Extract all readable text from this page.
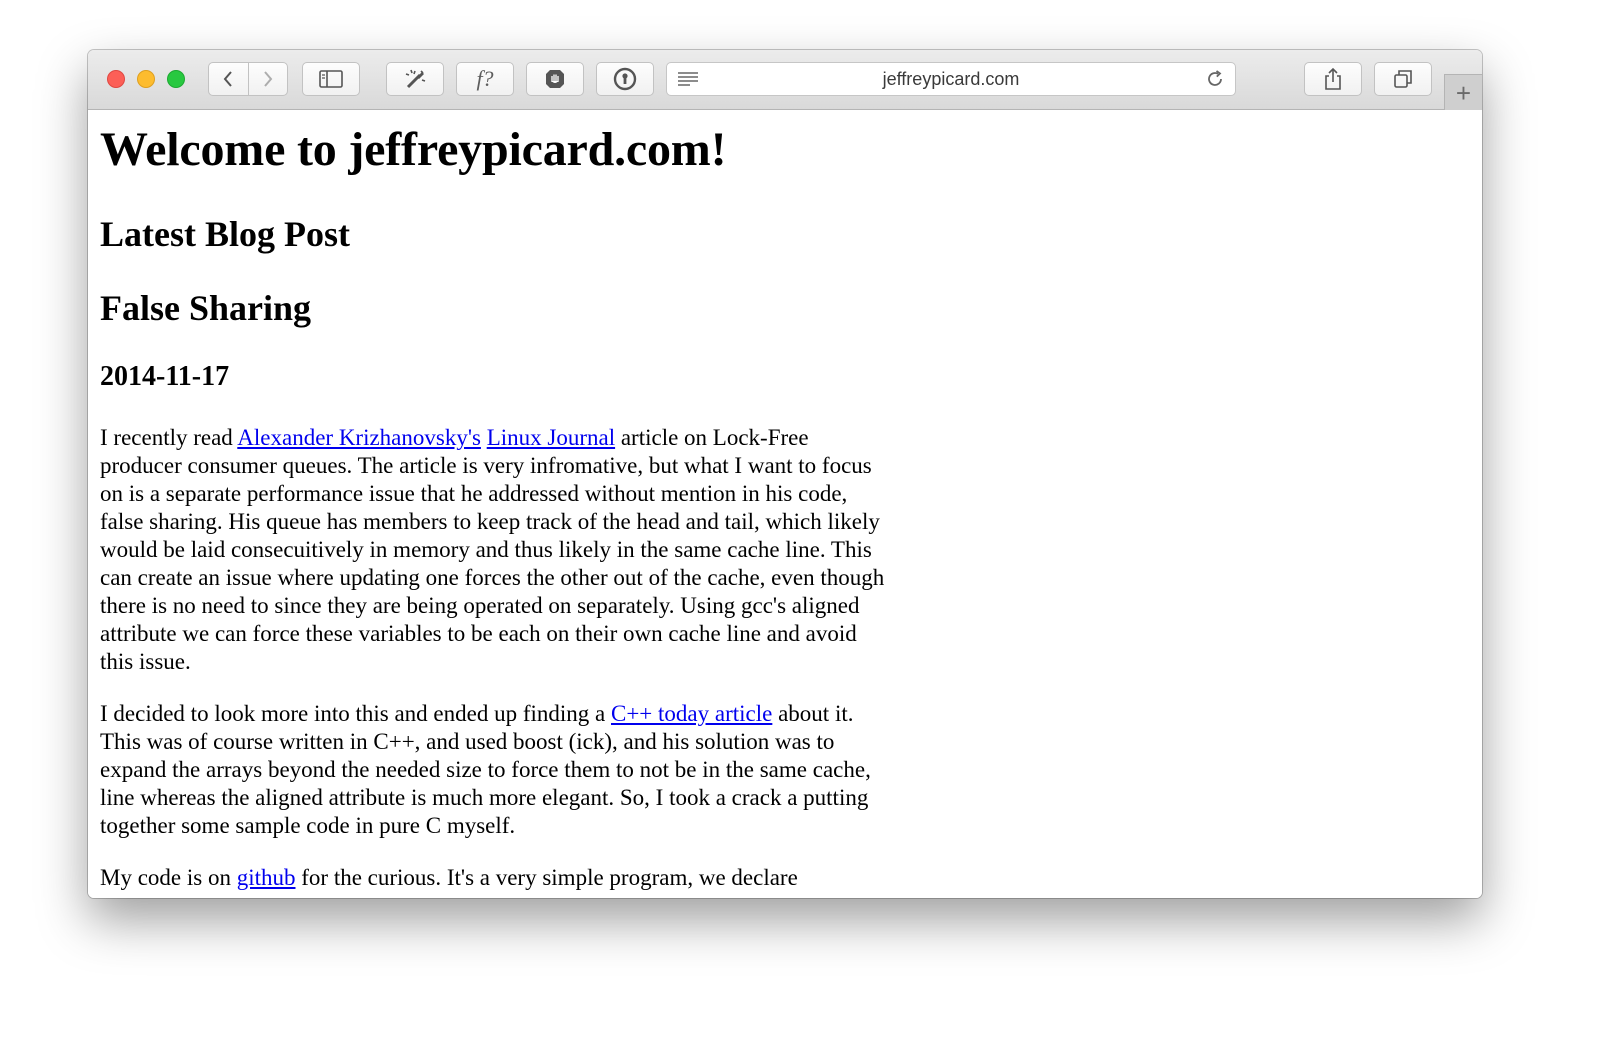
f?	jeffreypicard.com	+
Welcome to jeffreypicard.com!
Latest Blog Post
False Sharing
2014-11-17

I recently read Alexander Krizhanovsky's Linux Journal article on Lock-Free producer consumer queues. The article is very infromative, but what I want to focus on is a separate performance issue that he addressed without mention in his code, false sharing. His queue has members to keep track of the head and tail, which likely would be laid consecuitively in memory and thus likely in the same cache line. This can create an issue where updating one forces the other out of the cache, even though there is no need to since they are being operated on separately. Using gcc's aligned attribute we can force these variables to be each on their own cache line and avoid this issue.

I decided to look more into this and ended up finding a C++ today article about it. This was of course written in C++, and used boost (ick), and his solution was to expand the arrays beyond the needed size to force them to not be in the same cache, line whereas the aligned attribute is much more elegant. So, I took a crack a putting together some sample code in pure C myself.

My code is on github for the curious. It's a very simple program, we declare
